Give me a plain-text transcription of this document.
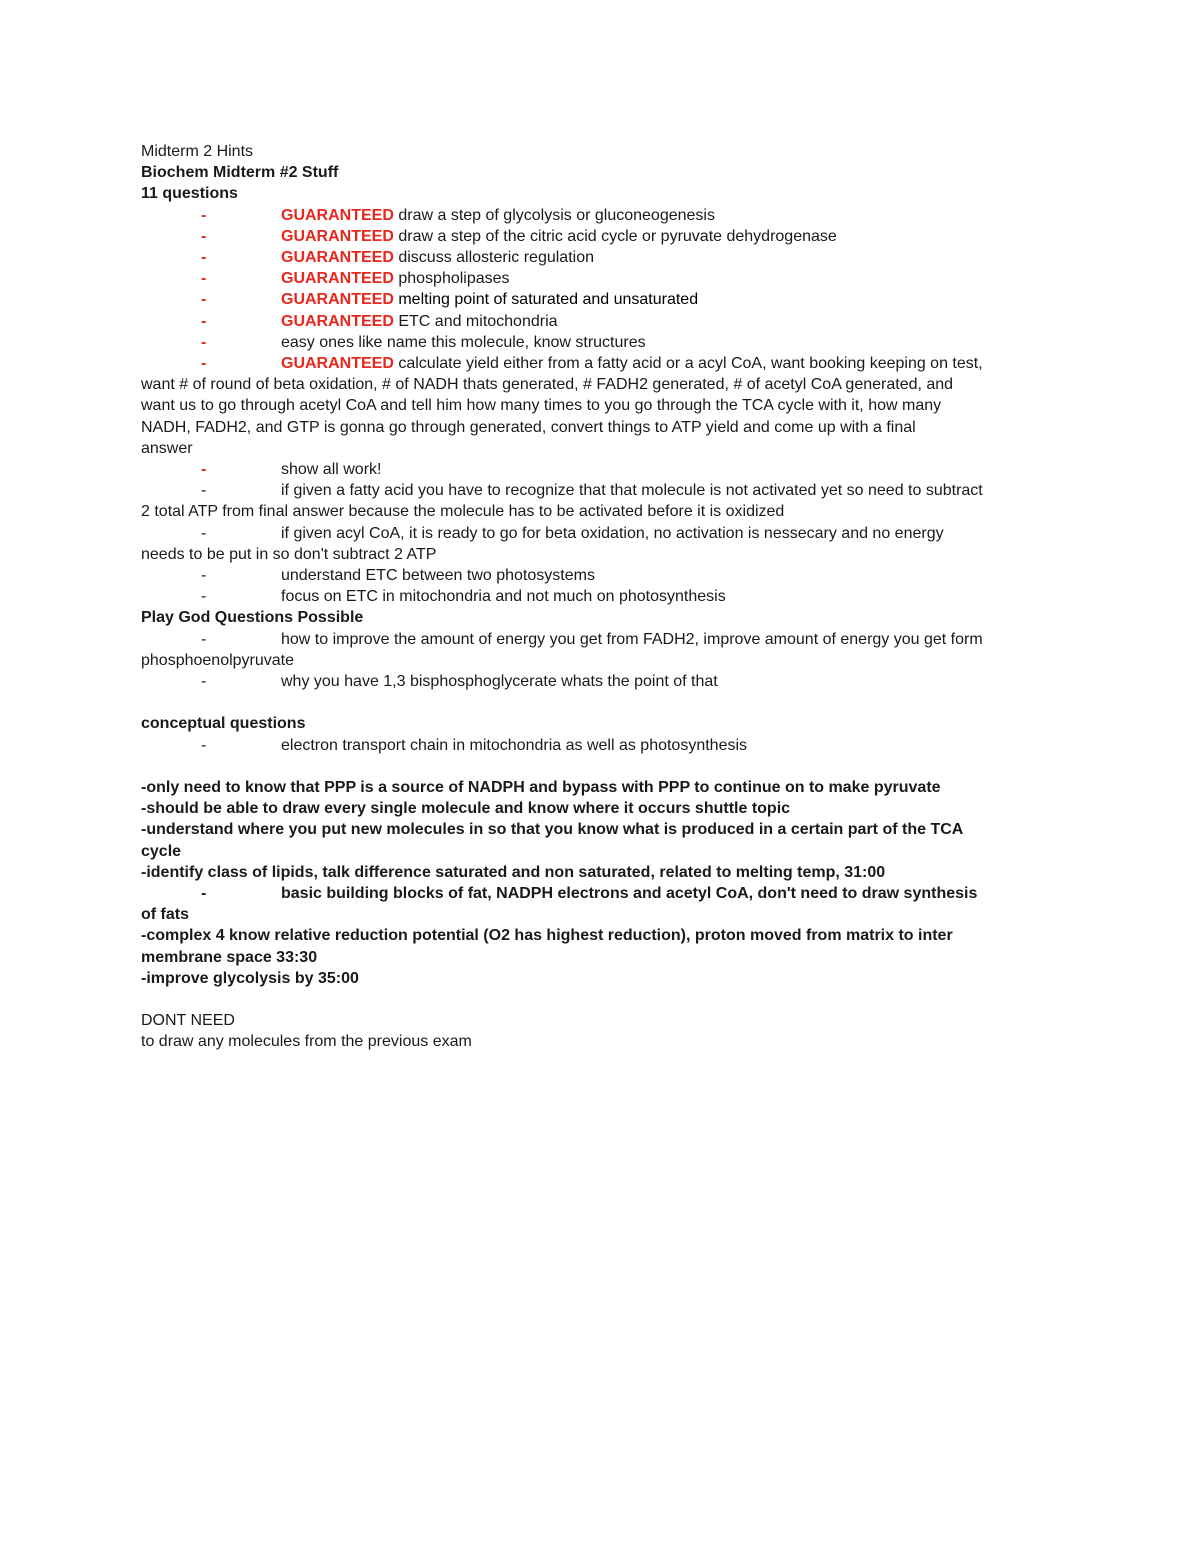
Midterm 2 Hints
Biochem Midterm #2 Stuff
11 questions
-	GUARANTEED draw a step of glycolysis or gluconeogenesis
-	GUARANTEED draw a step of the citric acid cycle or pyruvate dehydrogenase
-	GUARANTEED discuss allosteric regulation
-	GUARANTEED phospholipases
-	GUARANTEED melting point of saturated and unsaturated
-	GUARANTEED ETC and mitochondria
-	easy ones like name this molecule, know structures
-	GUARANTEED calculate yield either from a fatty acid or a acyl CoA, want booking keeping on test,
want # of round of beta oxidation, # of NADH thats generated, # FADH2 generated, # of acetyl CoA generated, and
want us to go through acetyl CoA and tell him how many times to you go through the TCA cycle with it, how many
NADH, FADH2, and GTP is gonna go through generated, convert things to ATP yield and come up with a final
answer
-	show all work!
-	if given a fatty acid you have to recognize that that molecule is not activated yet so need to subtract
2 total ATP from final answer because the molecule has to be activated before it is oxidized
-	if given acyl CoA, it is ready to go for beta oxidation, no activation is nessecary and no energy
needs to be put in so don't subtract 2 ATP
-	understand ETC between two photosystems
-	focus on ETC in mitochondria and not much on photosynthesis
Play God Questions Possible
-	how to improve the amount of energy you get from FADH2, improve amount of energy you get form
phosphoenolpyruvate
-	why you have 1,3 bisphosphoglycerate whats the point of that
conceptual questions
-	electron transport chain in mitochondria as well as photosynthesis
-only need to know that PPP is a source of NADPH and bypass with PPP to continue on to make pyruvate
-should be able to draw every single molecule and know where it occurs shuttle topic
-understand where you put new molecules in so that you know what is produced in a certain part of the TCA
cycle
-identify class of lipids, talk difference saturated and non saturated, related to melting temp, 31:00
-	basic building blocks of fat, NADPH electrons and acetyl CoA, don't need to draw synthesis
of fats
-complex 4 know relative reduction potential (O2 has highest reduction), proton moved from matrix to inter
membrane space 33:30
-improve glycolysis by 35:00
DONT NEED
to draw any molecules from the previous exam
